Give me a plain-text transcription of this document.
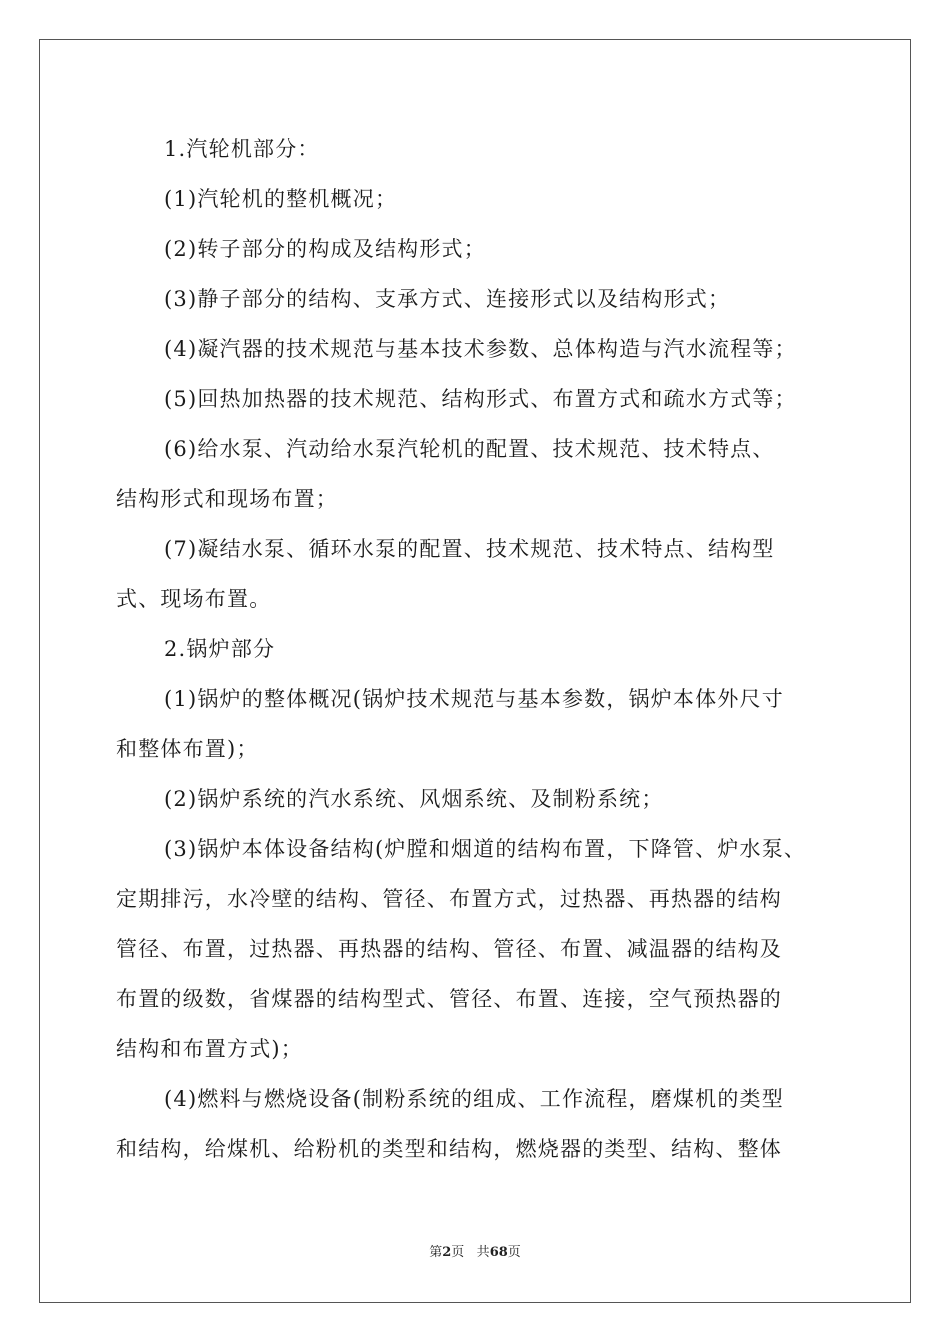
1.汽轮机部分：
(1)汽轮机的整机概况；
(2)转子部分的构成及结构形式；
(3)静子部分的结构、支承方式、连接形式以及结构形式；
(4)凝汽器的技术规范与基本技术参数、总体构造与汽水流程等；
(5)回热加热器的技术规范、结构形式、布置方式和疏水方式等；
(6)给水泵、汽动给水泵汽轮机的配置、技术规范、技术特点、
结构形式和现场布置；
(7)凝结水泵、循环水泵的配置、技术规范、技术特点、结构型
式、现场布置。
2.锅炉部分
(1)锅炉的整体概况(锅炉技术规范与基本参数，锅炉本体外尺寸
和整体布置)；
(2)锅炉系统的汽水系统、风烟系统、及制粉系统；
(3)锅炉本体设备结构(炉膛和烟道的结构布置，下降管、炉水泵、
定期排污，水冷壁的结构、管径、布置方式，过热器、再热器的结构
管径、布置，过热器、再热器的结构、管径、布置、减温器的结构及
布置的级数，省煤器的结构型式、管径、布置、连接，空气预热器的
结构和布置方式)；
(4)燃料与燃烧设备(制粉系统的组成、工作流程，磨煤机的类型
和结构，给煤机、给粉机的类型和结构，燃烧器的类型、结构、整体
第2页 共68页
